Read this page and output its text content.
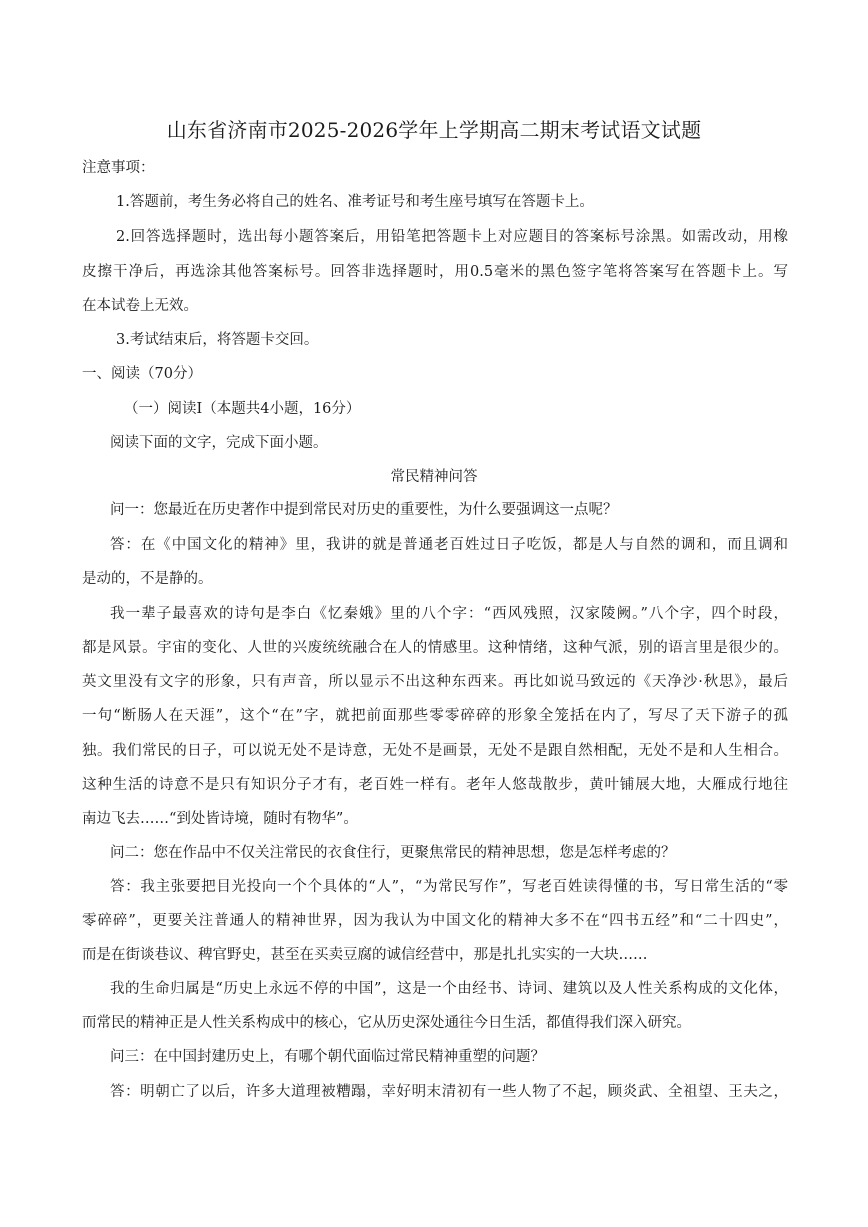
山东省济南市2025-2026学年上学期高二期末考试语文试题
注意事项：
1.答题前，考生务必将自己的姓名、准考证号和考生座号填写在答题卡上。
2.回答选择题时，选出每小题答案后，用铅笔把答题卡上对应题目的答案标号涂黑。如需改动，用橡
皮擦干净后，再选涂其他答案标号。回答非选择题时，用0.5毫米的黑色签字笔将答案写在答题卡上。写
在本试卷上无效。
3.考试结束后，将答题卡交回。
一、阅读（70分）
（一）阅读Ⅰ（本题共4小题，16分）
阅读下面的文字，完成下面小题。
常民精神问答
问一：您最近在历史著作中提到常民对历史的重要性，为什么要强调这一点呢？
答：在《中国文化的精神》里，我讲的就是普通老百姓过日子吃饭，都是人与自然的调和，而且调和
是动的，不是静的。
我一辈子最喜欢的诗句是李白《忆秦娥》里的八个字：“西风残照，汉家陵阙。”八个字，四个时段，
都是风景。宇宙的变化、人世的兴废统统融合在人的情感里。这种情绪，这种气派，别的语言里是很少的。
英文里没有文字的形象，只有声音，所以显示不出这种东西来。再比如说马致远的《天净沙·秋思》，最后
一句“断肠人在天涯”，这个“在”字，就把前面那些零零碎碎的形象全笼括在内了，写尽了天下游子的孤
独。我们常民的日子，可以说无处不是诗意，无处不是画景，无处不是跟自然相配，无处不是和人生相合。
这种生活的诗意不是只有知识分子才有，老百姓一样有。老年人悠哉散步，黄叶铺展大地，大雁成行地往
南边飞去……“到处皆诗境，随时有物华”。
问二：您在作品中不仅关注常民的衣食住行，更聚焦常民的精神思想，您是怎样考虑的？
答：我主张要把目光投向一个个具体的“人”，“为常民写作”，写老百姓读得懂的书，写日常生活的“零
零碎碎”，更要关注普通人的精神世界，因为我认为中国文化的精神大多不在“四书五经”和“二十四史”，
而是在街谈巷议、稗官野史，甚至在买卖豆腐的诚信经营中，那是扎扎实实的一大块……
我的生命归属是“历史上永远不停的中国”，这是一个由经书、诗词、建筑以及人性关系构成的文化体，
而常民的精神正是人性关系构成中的核心，它从历史深处通往今日生活，都值得我们深入研究。
问三：在中国封建历史上，有哪个朝代面临过常民精神重塑的问题？
答：明朝亡了以后，许多大道理被糟蹋，幸好明末清初有一些人物了不起，顾炎武、全祖望、王夫之，
